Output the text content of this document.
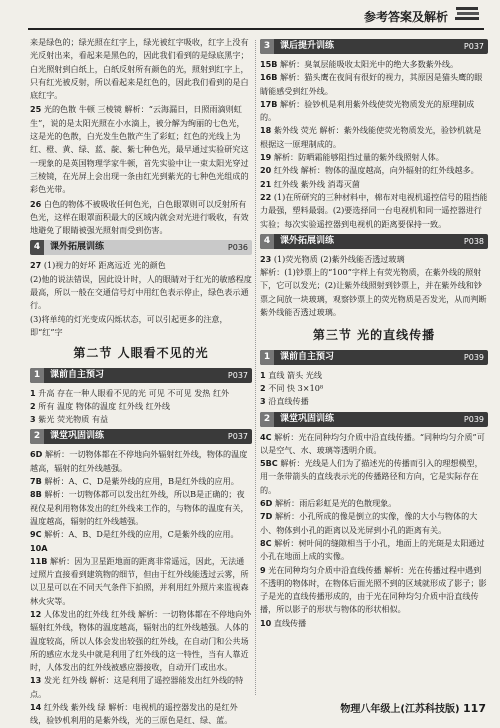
参考答案及解析

来是绿色的；绿光照在红字上，绿光被红字吸收，红字上没有光反射出来，看起来是黑色的，因此我们看到的是绿底黑字；白光照射到白纸上，白纸反射所有颜色的光，照射到红字上，只有红光被反射，所以看起来是红色的，因此我们看到的是白底红字。

25 光的色散 牛顿 三棱镜 解析：“云海漏日，日照雨滴则虹生”，说的是太阳光照在小水滴上，被分解为绚丽的七色光，这是光的色散，白光发生色散产生了彩虹；红色的光线上为红、橙、黄、绿、蓝、靛、紫七种色光，最早通过实验研究这一现象的是英国物理学家牛顿，首先实验中让一束太阳光穿过三棱镜，在光屏上会出现一条由红光到紫光的七种色光组成的彩色光带。

26 白色的物体不被吸收任何色光，白色眼罩则可以反射所有色光，这样在眼罩面积最大的区域内就会对光进行吸收，有效地避免了眼睛被强光照射而受到伤害。

4	课外拓展训练	P036

27 (1)视力的好坏 距离远近 光的颜色

(2)他的说法错误，因此设计时，人的眼睛对于红光的敏感程度最高，所以一般在交通信号灯中用红色表示停止，绿色表示通行。

(3)将单纯的灯光变成闪烁状态，可以引起更多的注意，即“红”字

第二节 人眼看不见的光
1	课前自主预习	P037

1 升高 存在一种人眼看不见的光 可见 不可见 发热 红外

2 所有 温度 物体的温度 红外线 红外线

3 紫光 荧光物质 有益

2	课堂巩固训练	P037

6D 解析：一切物体都在不停地向外辐射红外线，物体的温度越高，辐射的红外线越强。

7B 解析：A、C、D是紫外线的应用，B是红外线的应用。

8B 解析：一切物体都可以发出红外线，所以B是正确的；夜视仪是利用物体发出的红外线来工作的，与物体的温度有关，温度越高，辐射的红外线越强。

9C 解析：A、B、D是红外线的应用，C是紫外线的应用。

10A

11B 解析：因为卫星距地面的距离非常遥远，因此，无法通过照片直接看到建筑物的细节，但由于红外线能透过云雾，所以卫星可以在不同天气条件下拍照，并利用红外照片来监视森林火灾等。

12 人体发出的红外线 红外线 解析：一切物体都在不停地向外辐射红外线，物体的温度越高，辐射出的红外线越强。人体的温度较高，所以人体会发出较强的红外线，在自动门和公共场所的感应水龙头中就是利用了红外线的这一特性，当有人靠近时，人体发出的红外线被感应器接收，自动开门或出水。

13 发光 红外线 解析：这是利用了遥控器能发出红外线的特点。

14 红外线 紫外线 绿 解析：电视机的遥控器发出的是红外线，验钞机利用的是紫外线，光的三原色是红、绿、蓝。

3	课后提升训练	P037

15B 解析：臭氧层能吸收太阳光中的绝大多数紫外线。

16B 解析：猫头鹰在夜间有很好的视力，其原因是猫头鹰的眼睛能感受到红外线。

17B 解析：验钞机是利用紫外线使荧光物质发光的原理制成的。

18 紫外线 荧光 解析：紫外线能使荧光物质发光，验钞机就是根据这一原理制成的。

19 解析：防晒霜能够阻挡过量的紫外线照射人体。

20 红外线 解析：物体的温度越高，向外辐射的红外线越多。

21 红外线 紫外线 消毒灭菌

22 (1)在所研究的三种材料中，棉布对电视机遥控信号的阻挡能力最强，塑料最弱。(2)要选择同一台电视机和同一遥控器进行实验；每次实验遥控器到电视机的距离要保持一致。

4	课外拓展训练	P038

23 (1)荧光物质 (2)紫外线能否透过玻璃

解析：(1)钞票上的“100”字样上有荧光物质，在紫外线的照射下，它可以发光；(2)让紫外线照射到钞票上，并在紫外线和钞票之间放一块玻璃，观察钞票上的荧光物质是否发光，从而判断紫外线能否透过玻璃。

第三节 光的直线传播
1	课前自主预习	P039

1 直线 箭头 光线

2 不同 快 3×10⁸

3 沿直线传播

2	课堂巩固训练	P039

4C 解析：光在同种均匀介质中沿直线传播。“同种均匀介质”可以是空气、水、玻璃等透明介质。

5BC 解析：光线是人们为了描述光的传播而引入的理想模型，用一条带箭头的直线表示光的传播路径和方向，它是实际存在的。

6D 解析：雨后彩虹是光的色散现象。

7D 解析：小孔所成的像是倒立的实像，像的大小与物体的大小、物体到小孔的距离以及光屏到小孔的距离有关。

8C 解析：树叶间的缝隙相当于小孔，地面上的光斑是太阳通过小孔在地面上成的实像。

9 光在同种均匀介质中沿直线传播 解析：光在传播过程中遇到不透明的物体时，在物体后面光照不到的区域就形成了影子；影子是光的直线传播形成的，由于光在同种均匀介质中沿直线传播，所以影子的形状与物体的形状相似。

10 直线传播

物理八年级上(江苏科技版) 117
